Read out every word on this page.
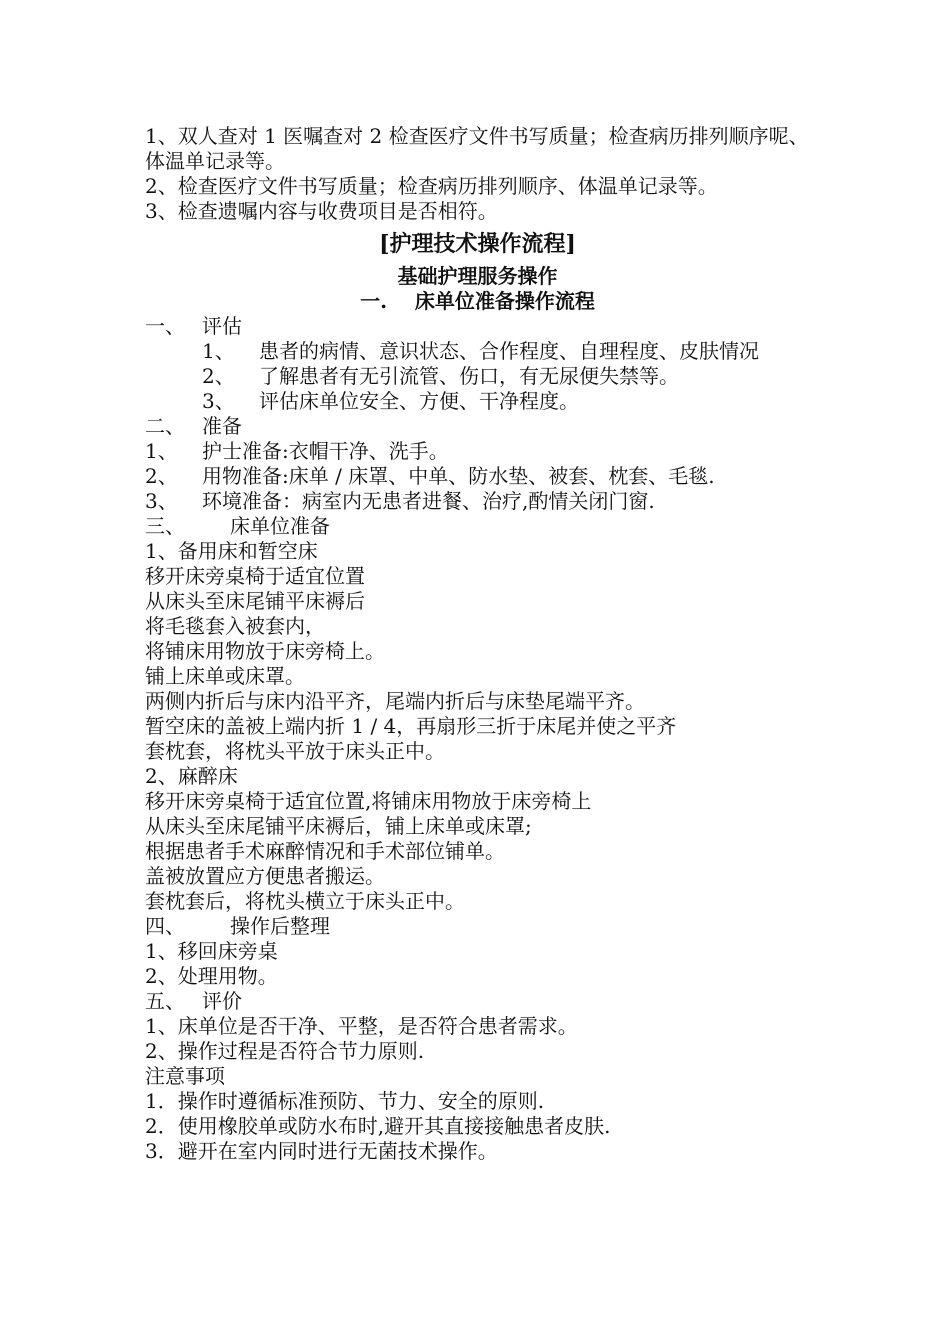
1、双人查对 1 医嘱查对 2 检查医疗文件书写质量；检查病历排列顺序呢、体温单记录等。
2、检查医疗文件书写质量；检查病历排列顺序、体温单记录等。
3、检查遗嘱内容与收费项目是否相符。
[护理技术操作流程]
基础护理服务操作
一.    床单位准备操作流程
一、 评估
1、	患者的病情、意识状态、合作程度、自理程度、皮肤情况
2、	了解患者有无引流管、伤口，有无尿便失禁等。
3、	评估床单位安全、方便、干净程度。
二、 准备
1、	护士准备:衣帽干净、洗手。
2、	用物准备:床单 / 床罩、中单、防水垫、被套、枕套、毛毯.
3、	环境准备：病室内无患者进餐、治疗,酌情关闭门窗.
三、	床单位准备
1、备用床和暂空床
移开床旁桌椅于适宜位置
从床头至床尾铺平床褥后
将毛毯套入被套内，
将铺床用物放于床旁椅上。
铺上床单或床罩。
两侧内折后与床内沿平齐，尾端内折后与床垫尾端平齐。
暂空床的盖被上端内折 1 / 4，再扇形三折于床尾并使之平齐
套枕套，将枕头平放于床头正中。
2、麻醉床
移开床旁桌椅于适宜位置,将铺床用物放于床旁椅上
从床头至床尾铺平床褥后，铺上床单或床罩;
根据患者手术麻醉情况和手术部位铺单。
盖被放置应方便患者搬运。
套枕套后，将枕头横立于床头正中。
四、	操作后整理
1、移回床旁桌
2、处理用物。
五、 评价
1、床单位是否干净、平整，是否符合患者需求。
2、操作过程是否符合节力原则.
注意事项
1．操作时遵循标准预防、节力、安全的原则.
2．使用橡胶单或防水布时,避开其直接接触患者皮肤.
3．避开在室内同时进行无菌技术操作。
